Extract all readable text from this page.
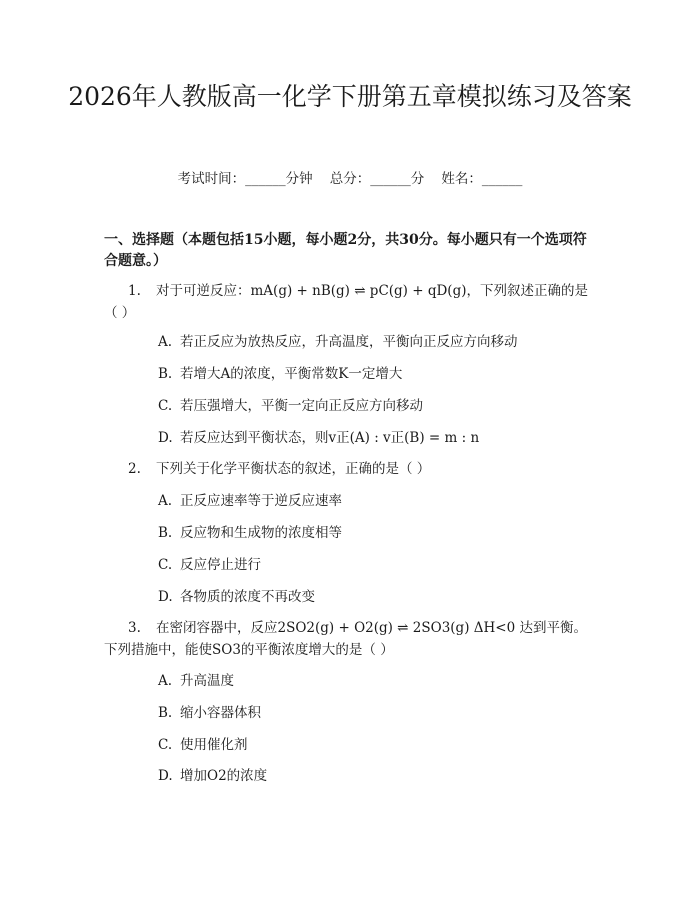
2026年人教版高一化学下册第五章模拟练习及答案
考试时间：______分钟    总分：______分    姓名：______

一、选择题（本题包括15小题，每小题2分，共30分。每小题只有一个选项符合题意。）

1. 对于可逆反应：mA(g) + nB(g) ⇌ pC(g) + qD(g)，下列叙述正确的是（ ）

A. 若正反应为放热反应，升高温度，平衡向正反应方向移动

B. 若增大A的浓度，平衡常数K一定增大

C. 若压强增大，平衡一定向正反应方向移动

D. 若反应达到平衡状态，则v正(A) : v正(B) = m : n

2. 下列关于化学平衡状态的叙述，正确的是（ ）

A. 正反应速率等于逆反应速率

B. 反应物和生成物的浓度相等

C. 反应停止进行

D. 各物质的浓度不再改变

3. 在密闭容器中，反应2SO2(g) + O2(g) ⇌ 2SO3(g) ΔH<0 达到平衡。下列措施中，能使SO3的平衡浓度增大的是（ ）

A. 升高温度

B. 缩小容器体积

C. 使用催化剂

D. 增加O2的浓度
